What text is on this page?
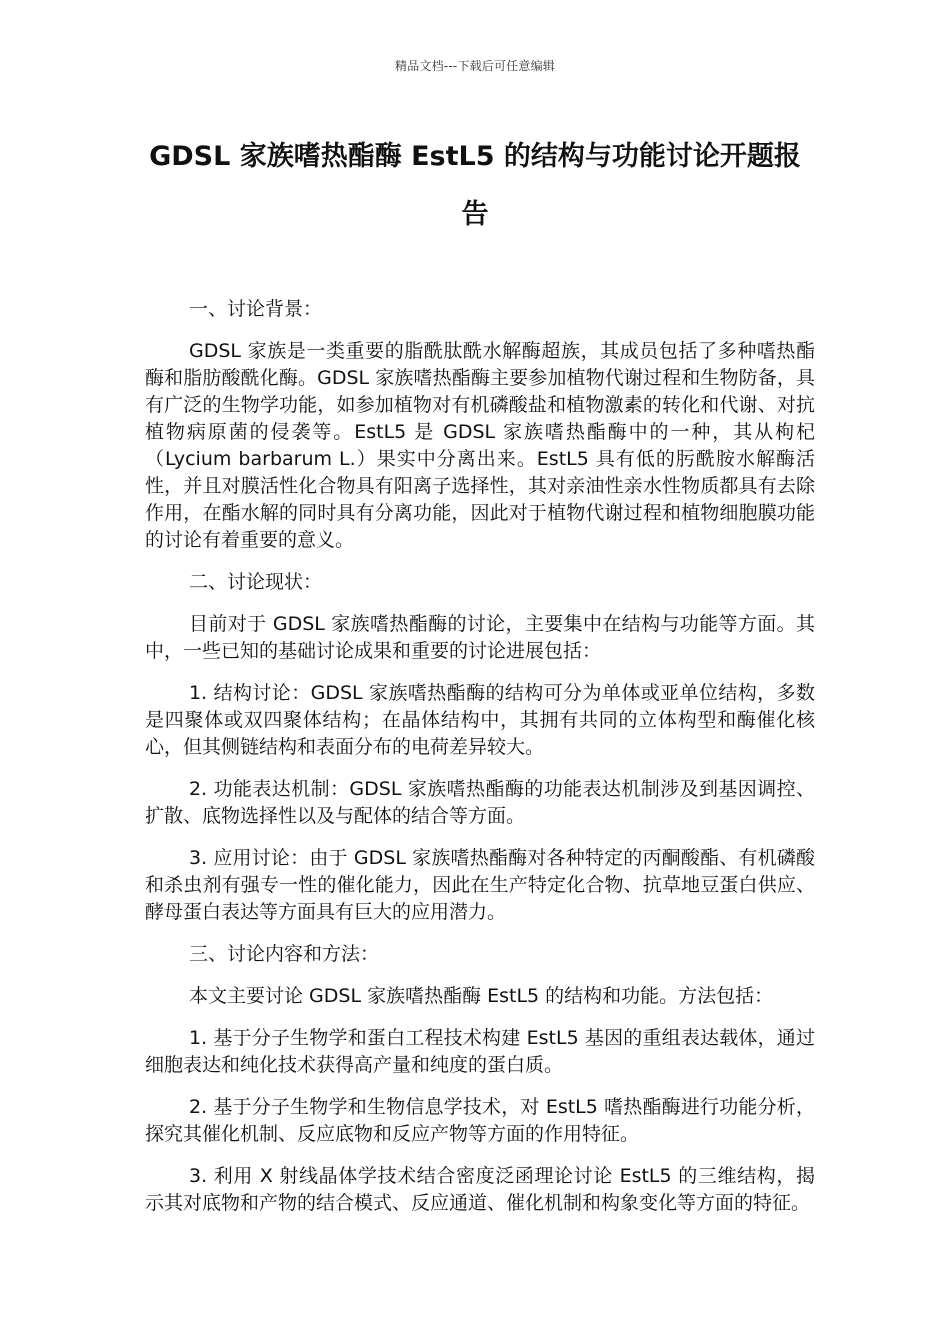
精品文档---下载后可任意编辑
GDSL 家族嗜热酯酶 EstL5 的结构与功能讨论开题报告

一、讨论背景：

GDSL 家族是一类重要的脂酰肽酰水解酶超族，其成员包括了多种嗜热酯酶和脂肪酸酰化酶。GDSL 家族嗜热酯酶主要参加植物代谢过程和生物防备，具有广泛的生物学功能，如参加植物对有机磷酸盐和植物激素的转化和代谢、对抗植物病原菌的侵袭等。EstL5 是 GDSL 家族嗜热酯酶中的一种，其从枸杞（Lycium barbarum L.）果实中分离出来。EstL5 具有低的肟酰胺水解酶活性，并且对膜活性化合物具有阳离子选择性，其对亲油性亲水性物质都具有去除作用，在酯水解的同时具有分离功能，因此对于植物代谢过程和植物细胞膜功能的讨论有着重要的意义。

二、讨论现状：

目前对于 GDSL 家族嗜热酯酶的讨论，主要集中在结构与功能等方面。其中，一些已知的基础讨论成果和重要的讨论进展包括：

1. 结构讨论：GDSL 家族嗜热酯酶的结构可分为单体或亚单位结构，多数是四聚体或双四聚体结构；在晶体结构中，其拥有共同的立体构型和酶催化核心，但其侧链结构和表面分布的电荷差异较大。

2. 功能表达机制：GDSL 家族嗜热酯酶的功能表达机制涉及到基因调控、扩散、底物选择性以及与配体的结合等方面。

3. 应用讨论：由于 GDSL 家族嗜热酯酶对各种特定的丙酮酸酯、有机磷酸和杀虫剂有强专一性的催化能力，因此在生产特定化合物、抗草地豆蛋白供应、酵母蛋白表达等方面具有巨大的应用潜力。

三、讨论内容和方法：

本文主要讨论 GDSL 家族嗜热酯酶 EstL5 的结构和功能。方法包括：

1. 基于分子生物学和蛋白工程技术构建 EstL5 基因的重组表达载体，通过细胞表达和纯化技术获得高产量和纯度的蛋白质。

2. 基于分子生物学和生物信息学技术，对 EstL5 嗜热酯酶进行功能分析，探究其催化机制、反应底物和反应产物等方面的作用特征。

3. 利用 X 射线晶体学技术结合密度泛函理论讨论 EstL5 的三维结构，揭示其对底物和产物的结合模式、反应通道、催化机制和构象变化等方面的特征。
